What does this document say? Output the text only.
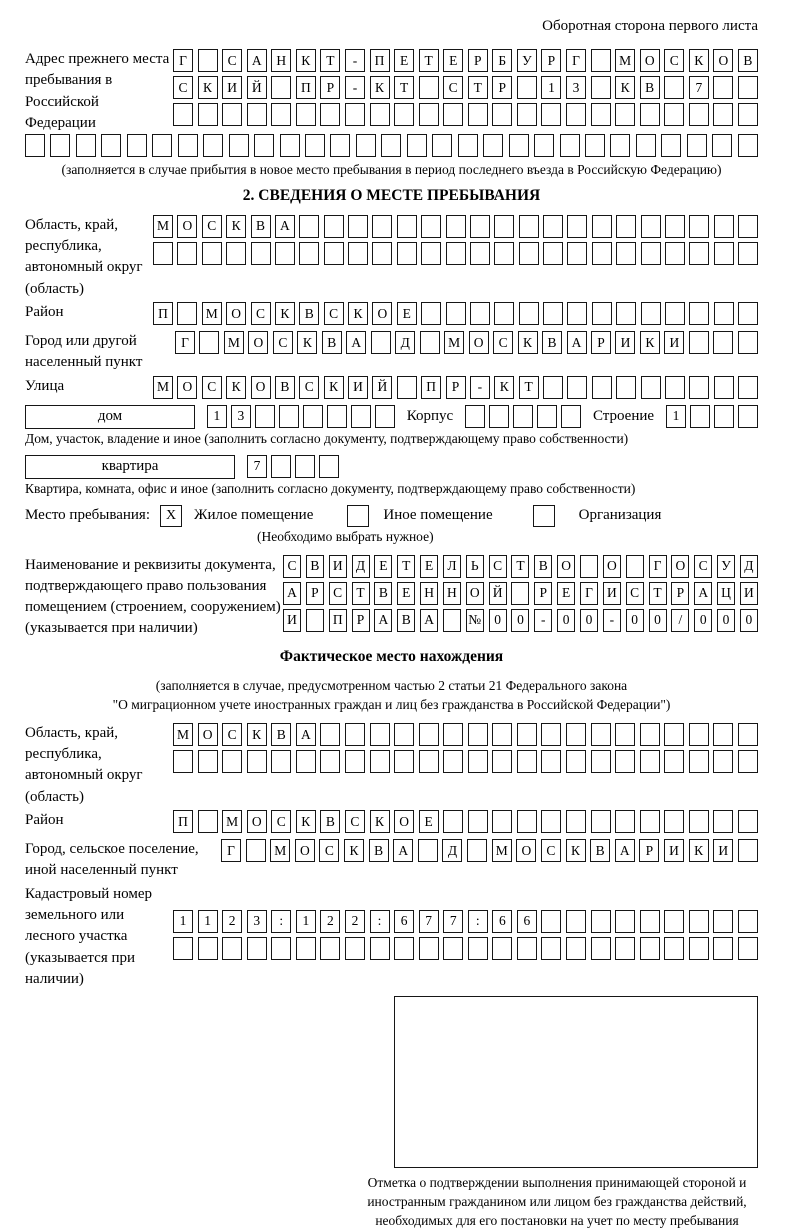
Оборотная сторона первого листа
Адрес прежнего места пребывания в Российской Федерации
Г	С	А	Н	К	Т	-	П	Е	Т	Е	Р	Б	У	Р	Г	М	О	С	К	О	В
С	К	И	Й	П	Р	-	К	Т	С	Т	Р	1	3	К	В	7
(заполняется в случае прибытия в новое место пребывания в период последнего въезда в Российскую Федерацию)
2. СВЕДЕНИЯ О МЕСТЕ ПРЕБЫВАНИЯ
Область, край, республика, автономный округ (область)
М	О	С	К	В	А
Район	П	М	О	С	К	В	С	К	О	Е
Город или другой населенный пункт
Г	М	О	С	К	В	А	Д	М	О	С	К	В	А	Р	И	К	И
Улица	М	О	С	К	О	В	С	К	И	Й	П	Р	-	К	Т
дом	1	3	Корпус	Строение	1
Дом, участок, владение и иное (заполнить согласно документу, подтверждающему право собственности)
квартира	7
Квартира, комната, офис и иное (заполнить согласно документу, подтверждающему право собственности)
Место пребывания:	X	Жилое помещение	Иное помещение	Организация
(Необходимо выбрать нужное)
Наименование и реквизиты документа, подтверждающего право пользования помещением (строением, сооружением) (указывается при наличии)
С	В И Д	Е	Т	Е	Л	Ь	С	Т	В О	О	Г	О С	У Д
А	Р	С	Т	В	Е	Н Н О Й	Р	Е	Г	И С	Т	Р	А Ц И
И	П	Р	А В А	№ 0	0	-	0	0	-	0	0	/	0	0	0
Фактическое место нахождения
(заполняется в случае, предусмотренном частью 2 статьи 21 Федерального закона
"О миграционном учете иностранных граждан и лиц без гражданства в Российской Федерации")
Область, край, республика, автономный округ (область)
М	О	С	К	В	А
Район	П	М	О	С	К	В	С	К	О	Е
Город, сельское поселение, иной населенный пункт
Г	М	О	С	К	В	А	Д	М	О	С	К	В	А	Р	И	К	И
Кадастровый номер земельного или лесного участка (указывается при наличии)
1	1	2	3	:	1	2	2	:	6	7	7	:	6	6
Отметка о подтверждении выполнения принимающей стороной и иностранным гражданином или лицом без гражданства действий, необходимых для его постановки на учет по месту пребывания
